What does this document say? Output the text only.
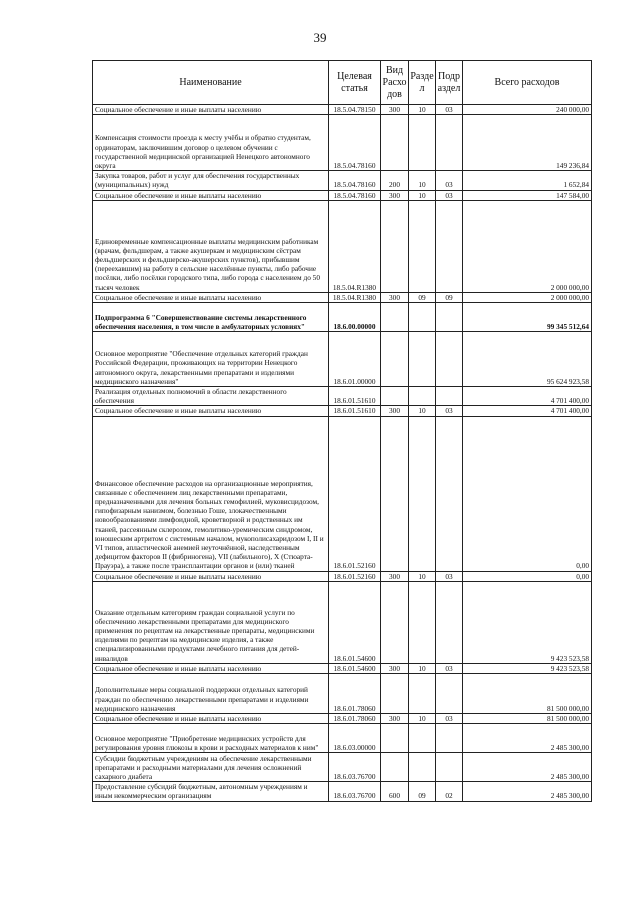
39
Наименование	Целевая статья	Вид Расхо дов	Разде л	Подр аздел	Всего расходов
Социальное обеспечение и иные выплаты населению	18.5.04.78150	300	10	03	240 000,00
Компенсация стоимости проезда к месту учёбы и обратно студентам, ординаторам, заключившим договор о целевом обучении с государственной медицинской организацией Ненецкого автономного округа	18.5.04.78160				149 236,84
Закупка товаров, работ и услуг для обеспечения государственных (муниципальных) нужд	18.5.04.78160	200	10	03	1 652,84
Социальное обеспечение и иные выплаты населению	18.5.04.78160	300	10	03	147 584,00
Единовременные компенсационные выплаты медицинским работникам (врачам, фельдшерам, а также акушеркам и медицинским сёстрам фельдшерских и фельдшерско-акушерских пунктов), прибывшим (переехавшим) на работу в сельские населённые пункты, либо рабочие посёлки, либо посёлки городского типа, либо города с населением до 50 тысяч человек	18.5.04.R1380				2 000 000,00
Социальное обеспечение и иные выплаты населению	18.5.04.R1380	300	09	09	2 000 000,00
Подпрограмма 6 "Совершенствование системы лекарственного обеспечения населения, в том числе в амбулаторных условиях"	18.6.00.00000				99 345 512,64
Основное мероприятие "Обеспечение отдельных категорий граждан Российской Федерации, проживающих на территории Ненецкого автономного округа, лекарственными препаратами и изделиями медицинского назначения"	18.6.01.00000				95 624 923,58
Реализация отдельных полномочий в области лекарственного обеспечения	18.6.01.51610				4 701 400,00
Социальное обеспечение и иные выплаты населению	18.6.01.51610	300	10	03	4 701 400,00
Финансовое обеспечение расходов на организационные мероприятия, связанные с обеспечением лиц лекарственными препаратами, предназначенными для лечения больных гемофилией, муковисцидозом, гипофизарным нанизмом, болезнью Гоше, злокачественными новообразованиями лимфоидной, кроветворной и родственных им тканей, рассеянным склерозом, гемолитико-уремическим синдромом, юношеским артритом с системным началом, мукополисахаридозом I, II и VI типов, апластической анемией неуточнённой, наследственным дефицитом факторов II (фибриногена), VII (лабильного), X (Стюарта-Прауэра), а также после трансплантации органов и (или) тканей	18.6.01.52160				0,00
Социальное обеспечение и иные выплаты населению	18.6.01.52160	300	10	03	0,00
Оказание отдельным категориям граждан социальной услуги по обеспечению лекарственными препаратами для медицинского применения по рецептам на лекарственные препараты, медицинскими изделиями по рецептам на медицинские изделия, а также специализированными продуктами лечебного питания для детей-инвалидов	18.6.01.54600				9 423 523,58
Социальное обеспечение и иные выплаты населению	18.6.01.54600	300	10	03	9 423 523,58
Дополнительные меры социальной поддержки отдельных категорий граждан по обеспечению лекарственными препаратами и изделиями медицинского назначения	18.6.01.78060				81 500 000,00
Социальное обеспечение и иные выплаты населению	18.6.01.78060	300	10	03	81 500 000,00
Основное мероприятие "Приобретение медицинских устройств для регулирования уровня глюкозы в крови и расходных материалов к ним"	18.6.03.00000				2 485 300,00
Субсидии бюджетным учреждениям на обеспечение лекарственными препаратами и расходными материалами для лечения осложнений сахарного диабета	18.6.03.76700				2 485 300,00
Предоставление субсидий бюджетным, автономным учреждениям и иным некоммерческим организациям	18.6.03.76700	600	09	02	2 485 300,00
